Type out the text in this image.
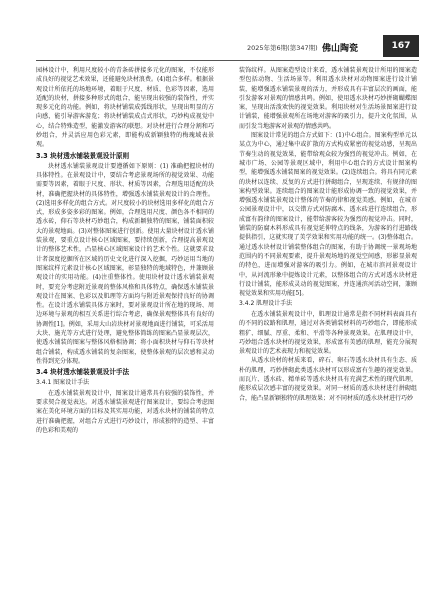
2025年第6期(第347期) 佛山陶瓷	167

园林设计中，利用尺度较小的青条砖拼接多元化的图案，不仅能形成良好的视觉艺术效果，还能避免块材浪费。(4)组合多样。根据景观设计所依托的场地环境，着眼于尺度、材质、色彩等因素，选用适配的块材，拼接多种形式的组合，能呈现出较强的装饰性，并实现多元化的功能。例如，将块材铺装成弧线形状，呈现出明显的方向感，能引导游客游览；将块材铺装成点式形状，巧妙构成视觉中心，结合特殊造型，能激发游客的联想。对块材进行合理分割和巧妙组合，并灵活应用色彩元素，即能构成新颖独特的梅瑰域表景观。

3.3 块材透水铺装景观设计原则

块材透水铺装景观设计要遵循如下原则：(1) 准确把握块材的具体特性。在景观设计中，要结合考虑景观场所的视觉效果、功能需要等因素，着眼于尺度、形状、材质等因素，合理选用适配的块材，准确把握块材的具体特性，增强透水铺装景观设计的合理性。(2)选用多样化的组合方式。对尺度较小的块材选用多样化的组合方式，形成多姿多彩的图案。例如，合理选用尺度、颜色各不相同的透水砖，仰石等块材巧妙组合，构成新颖独特的图案，铺装面积较大的景观地面。(3)对整体图案进行创新。使用大量块材设计透水铺装景观，要重点设计核心区域图案，要持续创新，合理提高景观设计的整体艺术性，凸显核心区域图案设计的艺术个性。这就要求设计者深度挖掘所在区域的历史文化进行深入挖掘，巧妙运用当地的图案纹样元素设计核心区域图案，彰显独特的地域特色，并兼顾景观设计的实用功能。(4)注重整体性。使用块材设计透水铺装景观时，要充分考虑附近景观的整体风格和具体特点，确保透水铺装景观设计在图案、色彩以及肌理等方面均与附近景观保持良好的协调性。在设计透水铺装具体方案时，要对景观设计所在地的现场、周边环境与景观的相互关系进行综合考虑，确保景观整体具有良好的协调性[1]。例如，采用大山岩块材对景观地面进行铺装，可采活用大块、施光等方式进行处理，避免整体简练的图案凸显景观层次，使透水铺装的图案与整体风格相协调；将小面积块材与仰石等块材组合铺装，构成透水铺装的复杂图案，使整体景观的层次感和灵动性得到充分体现。

3.4 块材透水铺装景观设计手法
3.4.1 图案设计手法

在透水铺装景观设计中，图案设计通常具有较强的装饰性，并要求契合视觉表达。对透水铺装景观进行图案设计，要综合考虑图案在美化环境方面的目标及其实用功能，对透水块材的铺装的特点进行准确把握，对组合方式进行巧妙设计，形成独特的造型、丰富的色彩和美观的

装饰纹样。从图案造型设计来看，透水铺装景观设计所用的图案造型包括动物、生活场景等。利用透水块材对动物图案进行设计铺装，能增强透水铺装景观的活力，并形成具有丰富层次的画面，能引发游客对景观的情感共鸣。例如，使用透水块材巧妙拼砌蝴蝶图案，呈现出活泼欢快的视觉效果。利用块材对生活场景图案进行设计铺装，能增强景观所在场地对游客的吸引力，提升文化氛围，从而引发当地游客对景观的情感共鸣。

图案设计常见的组合方式如下：(1)中心组合。图案构型单元以某点为中心，通过集中或扩散的方式构成紧密的视觉动感，呈现出节奏生动的视觉效果，能带给观众较为强烈的视觉冲击。例如，在城市广场、公园等景观区域中，利用中心组合的方式设计图案构型，能增强透水铺装图案的视觉效果。(2)连续组合。将具有同元素的块材以连续、反复的方式进行拼砌组合，呈现连续、有规律的图案构型效果。连续组合的图案设计能形成协调一致的视觉效果，并增强透水铺装景观设计整体的节奏的律和视觉美感。例如，在城市公园景观设计中，以交错方式对防腐木、透水砖进行连续组合，形成富有韵律的图案设计，能带给游客较为强烈的视觉冲击。同时，铺装的防腐木料形成具有视觉延伸特点的线条，为游客的行进路线提供指引，这就实现了美学效果和实用功能的统一。(3)整体组合。通过透水块材设计铺装整体组合的图案，有助于协调统一景观场地范围内的不同景观要素，提升景观场地的视觉空间感，形影显景观的特色，进而增强对游客的吸引力。例如，在城市滨河景观设计中，从河流形象中提炼设计元素，以整体组合的方式对透水块材进行设计铺装，能形成灵动的视觉图案，并连通滨河活动空间，兼顾视觉效果和实用功能[5]。

3.4.2 肌理设计手法

在透水铺装景观设计中，肌理设计通常是指不同材料表面具有的不同的纹路和肌理，通过对各类铺装材料的巧妙组合，即能形成粗犷、细腻、厚重、柔和、平滑等各种景观效果。在肌理设计中，巧妙组合透水块材的视觉效果，形成富有美感的肌理，能充分展现景观设计的艺术表现力和视觉效果。

从透水块材的材质来看，碎石、卵石等透水块材具有生态、质朴的肌理，巧妙拼砌此类透水块材可以形成富有生趣的视觉效果。而瓦片、透水砖、精单砖等透水块材具有充满艺术性的现代肌理，能形成层次感丰富的视觉效果。对同一材质的透水块材进行拼砌组合，能凸显新颖独特的肌理效果；对不同材质的透水块材进行巧妙
